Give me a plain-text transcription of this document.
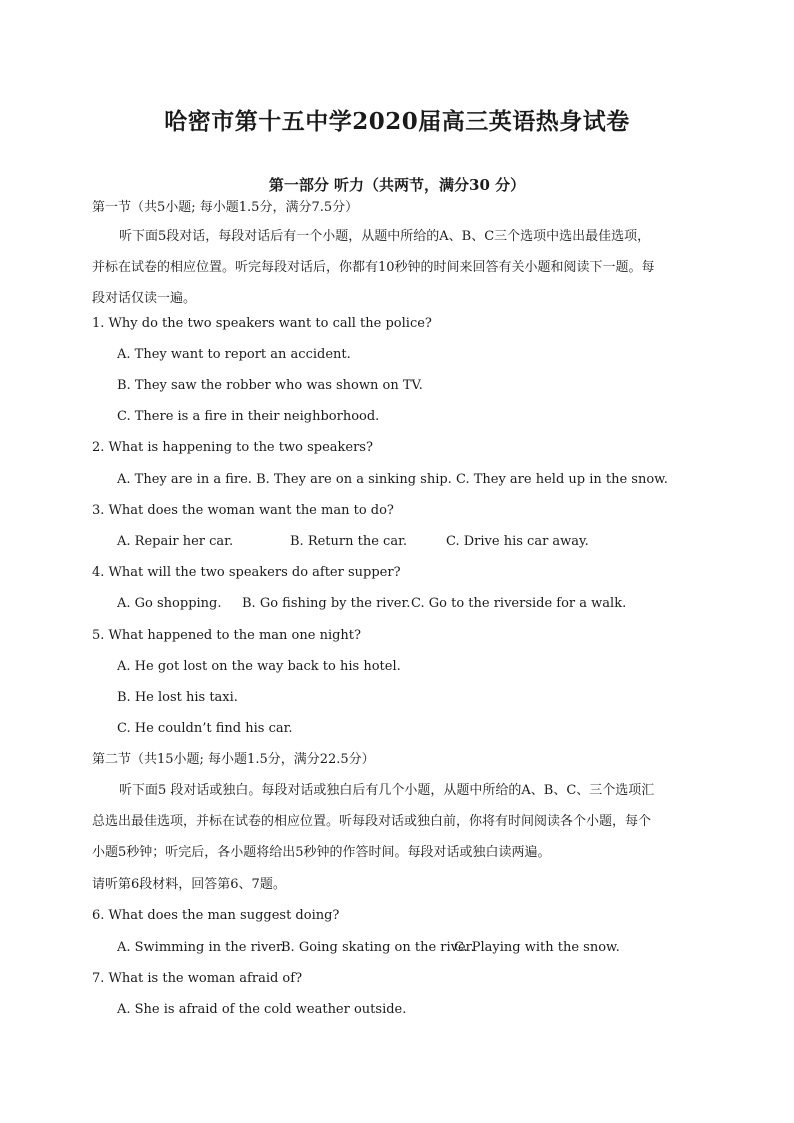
哈密市第十五中学2020届高三英语热身试卷
第一部分 听力（共两节，满分30 分）
第一节（共5小题; 每小题1.5分，满分7.5分）
听下面5段对话，每段对话后有一个小题，从题中所给的A、B、C三个选项中选出最佳选项，
并标在试卷的相应位置。听完每段对话后，你都有10秒钟的时间来回答有关小题和阅读下一题。每
段对话仅读一遍。
1. Why do the two speakers want to call the police?
A. They want to report an accident.
B. They saw the robber who was shown on TV.
C. There is a fire in their neighborhood.
2. What is happening to the two speakers?
A. They are in a fire. B. They are on a sinking ship. C. They are held up in the snow.
3. What does the woman want the man to do?
A. Repair her car.	B. Return the car.	C. Drive his car away.
4. What will the two speakers do after supper?
A. Go shopping. B. Go fishing by the river. C. Go to the riverside for a walk.
5. What happened to the man one night?
A. He got lost on the way back to his hotel.
B. He lost his taxi.
C. He couldn’t find his car.
第二节（共15小题; 每小题1.5分，满分22.5分）
听下面5 段对话或独白。每段对话或独白后有几个小题，从题中所给的A、B、C、三个选项汇
总选出最佳选项，并标在试卷的相应位置。听每段对话或独白前，你将有时间阅读各个小题，每个
小题5秒钟；听完后，各小题将给出5秒钟的作答时间。每段对话或独白读两遍。
请听第6段材料，回答第6、7题。
6. What does the man suggest doing?
A. Swimming in the river.
B. Going skating on the river.
C. Playing with the snow.
7. What is the woman afraid of?
A. She is afraid of the cold weather outside.
